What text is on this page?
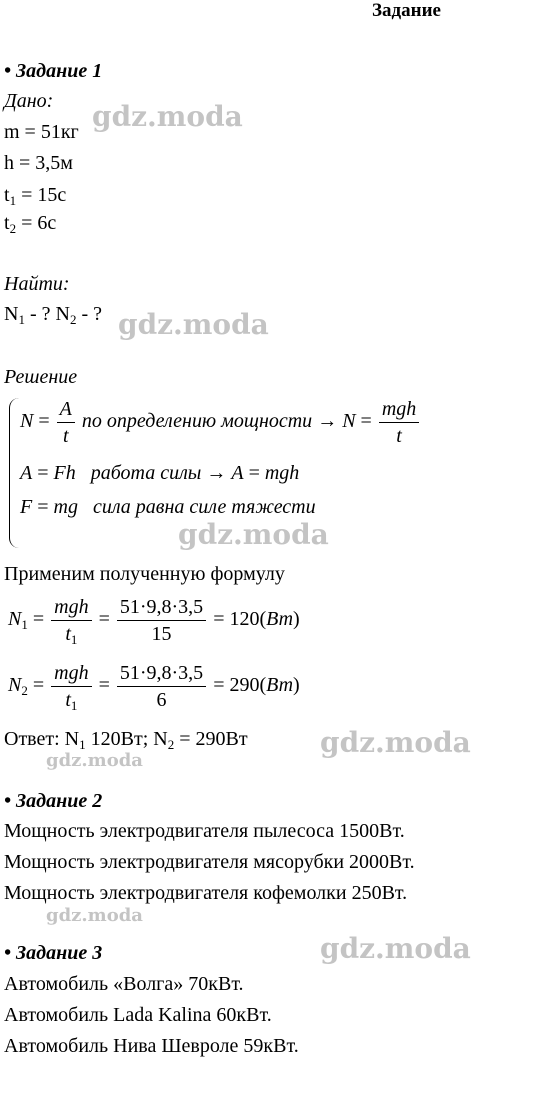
Задание
• Задание 1
Дано:
m = 51кг
h = 3,5м
$t_1 = 15с$
$t_2 = 6с$
Найти:
$N_1$ - ? $N_2$ - ?
Решение
$N = \frac{A}{t}$ по определению мощности → $N = \frac{\text{mgh}}{t}$
A = Fh работа силы → A = mgh
F = mg сила равна силе тяжести
Применим полученную формулу
$N_1 = \frac{\text{mgh}}{t_1} = \frac{51\cdot 9,8\cdot 3,5}{15} = 120(Вт)$
$N_2 = \frac{\text{mgh}}{t_1} = \frac{51\cdot 9,8\cdot 3,5}{6} = 290(Вт)$
Ответ: $N_1$ 120Вт; $N_2 = 290Вт$
• Задание 2
Мощность электродвигателя пылесоса 1500Вт.
Мощность электродвигателя мясорубки 2000Вт.
Мощность электродвигателя кофемолки 250Вт.
• Задание 3
Автомобиль «Волга» 70кВт.
Автомобиль Lada Kalina 60кВт.
Автомобиль Нива Шевроле 59кВт.
gdz.moda
gdz.moda
gdz.moda
gdz.moda
gdz.moda
gdz.moda
gdz.moda
